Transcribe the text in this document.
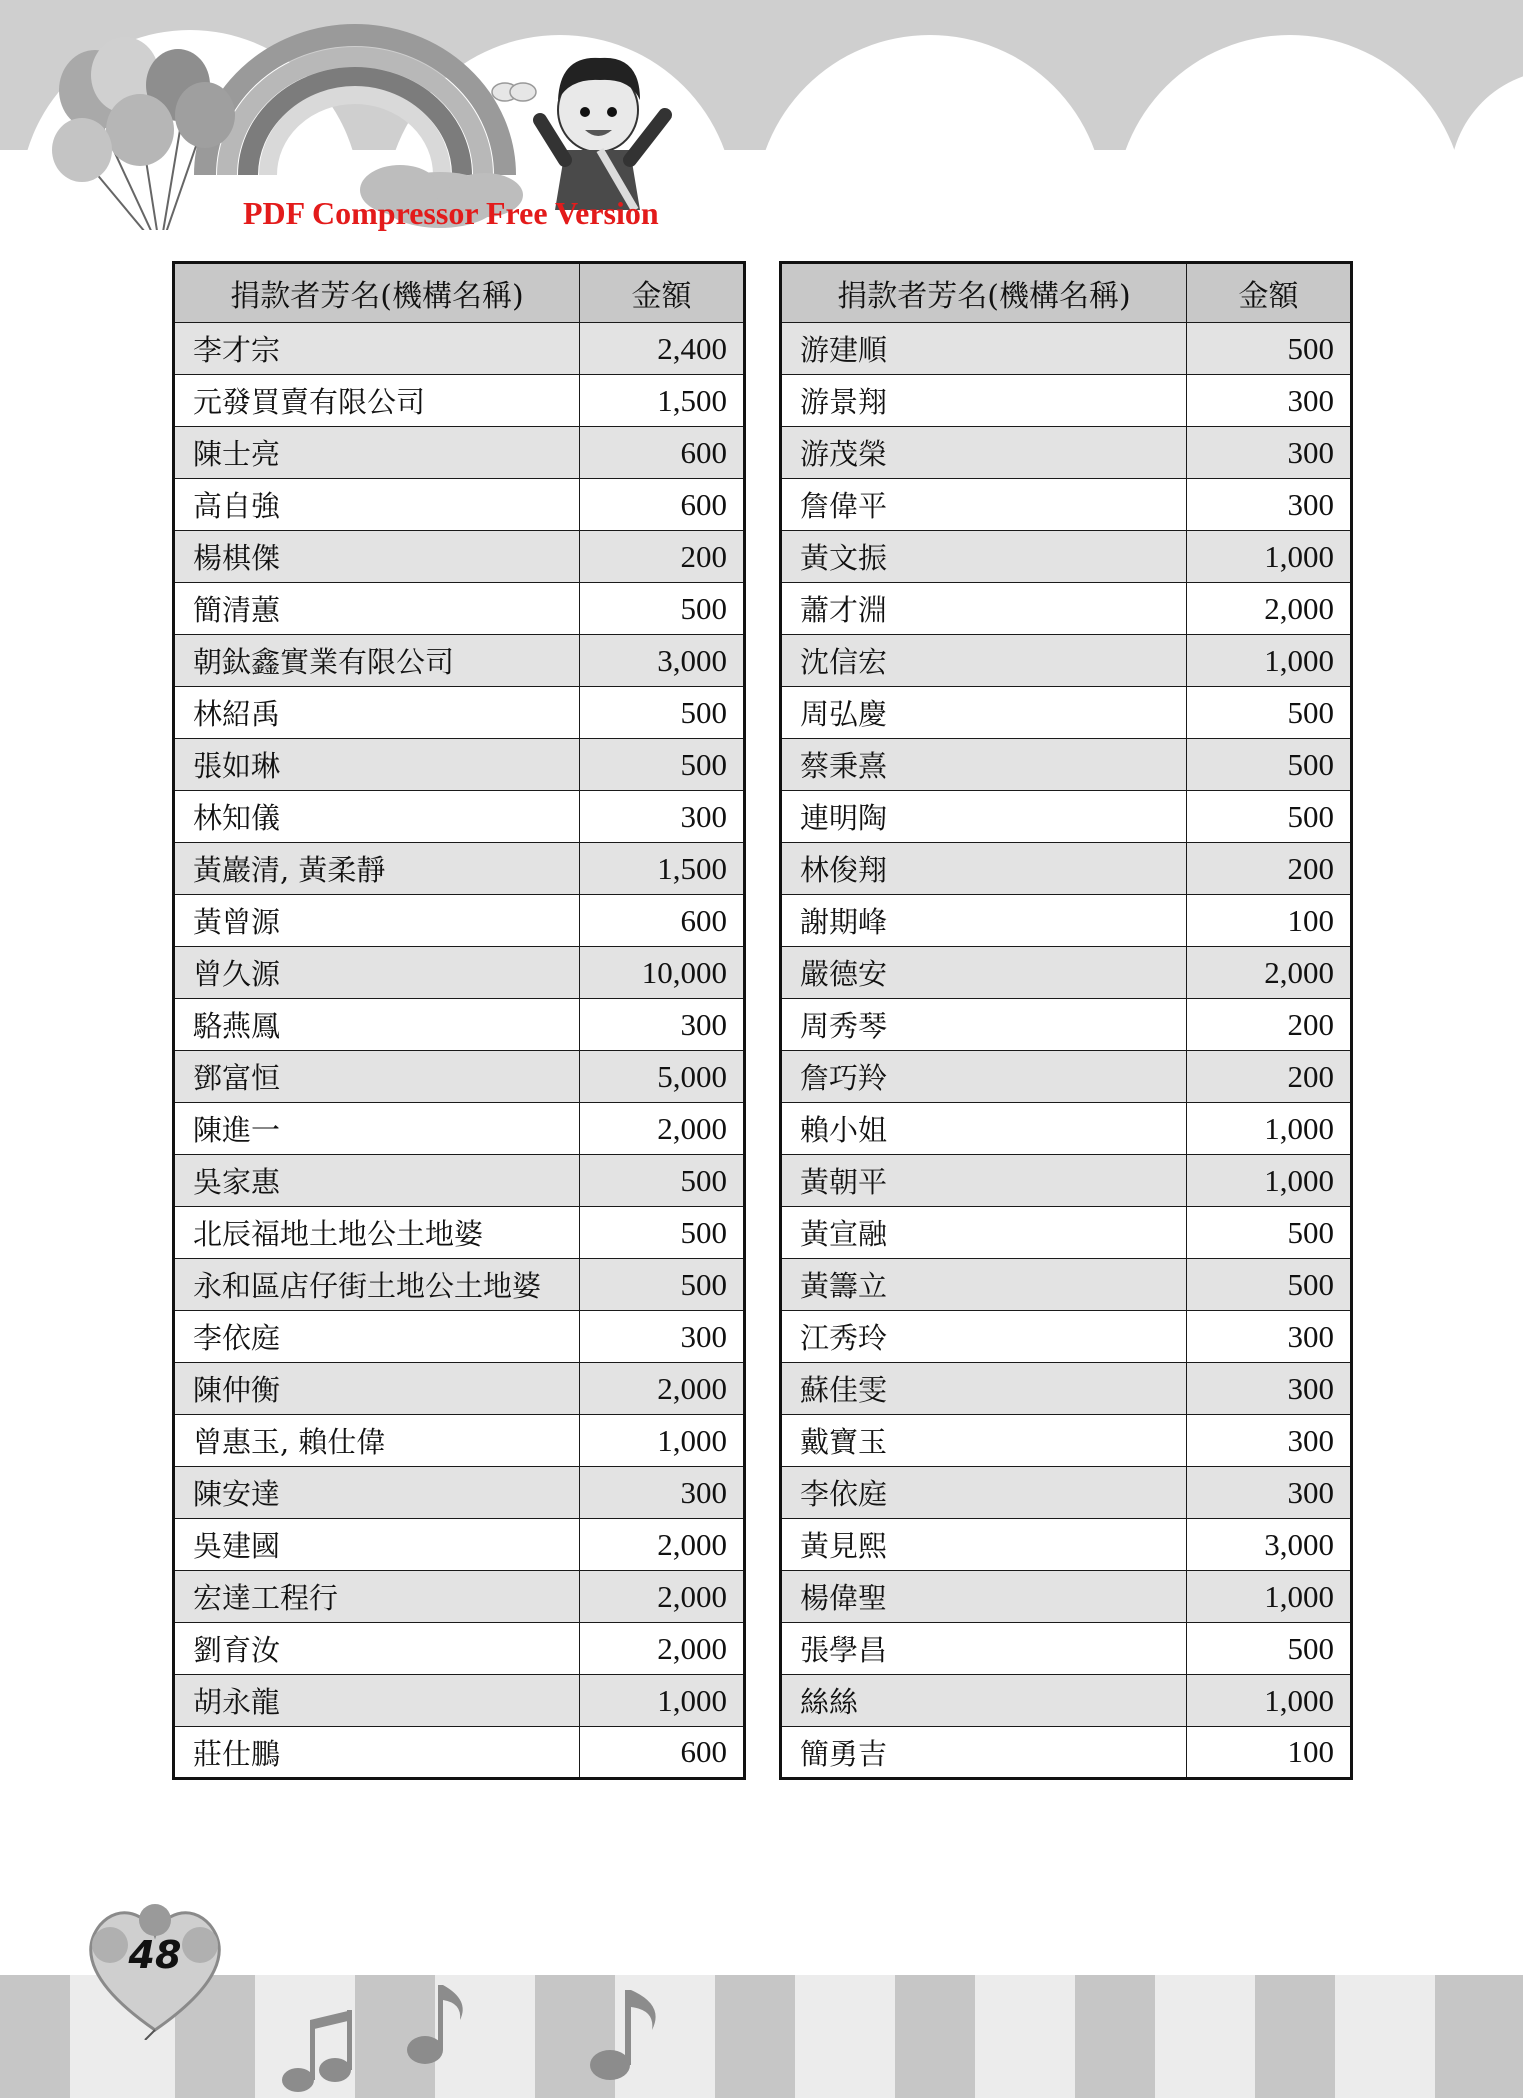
PDF Compressor Free Version
捐款者芳名(機構名稱)	金額
李才宗	2,400
元發買賣有限公司	1,500
陳士亮	600
高自強	600
楊棋傑	200
簡清蕙	500
朝鈦鑫實業有限公司	3,000
林紹禹	500
張如琳	500
林知儀	300
黃巖清, 黃柔靜	1,500
黃曾源	600
曾久源	10,000
駱燕鳳	300
鄧富恒	5,000
陳進一	2,000
吳家惠	500
北辰福地土地公土地婆	500
永和區店仔街土地公土地婆	500
李依庭	300
陳仲衡	2,000
曾惠玉, 賴仕偉	1,000
陳安達	300
吳建國	2,000
宏達工程行	2,000
劉育汝	2,000
胡永龍	1,000
莊仕鵬	600
捐款者芳名(機構名稱)	金額
游建順	500
游景翔	300
游茂榮	300
詹偉平	300
黃文振	1,000
蕭才淵	2,000
沈信宏	1,000
周弘慶	500
蔡秉熹	500
連明陶	500
林俊翔	200
謝期峰	100
嚴德安	2,000
周秀琴	200
詹巧羚	200
賴小姐	1,000
黃朝平	1,000
黃宣融	500
黃籌立	500
江秀玲	300
蘇佳雯	300
戴寶玉	300
李依庭	300
黃見熙	3,000
楊偉聖	1,000
張學昌	500
絲絲	1,000
簡勇吉	100
48
